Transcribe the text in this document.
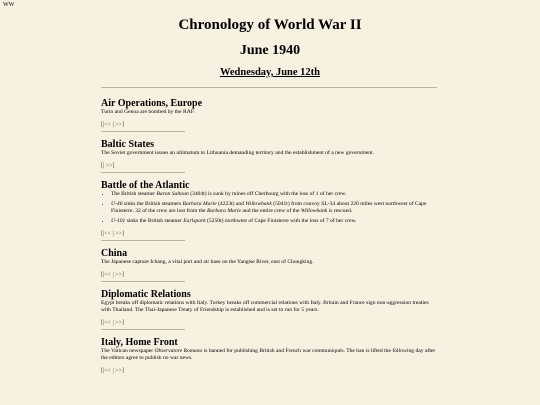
WW
Chronology of World War II
June 1940
Wednesday, June 12th
Air Operations, Europe

Turin and Genoa are bombed by the RAF.

[|<< | >>]
Baltic States

The Soviet government issues an ultimatum to Lithuania demanding territory and the establishment of a new government.

[| >>]
Battle of the Atlantic
• The British steamer Baron Saltoun (3404t) is sunk by mines off Cherbourg with the loss of 1 of her crew.
• U-46 sinks the British steamers Barbara Marie (4223t) and Willowbank (5041t) from convoy SL-34 about 220 miles west northwest of Cape Finisterre. 32 of the crew are lost from the Barbara Marie and the entire crew of the Willowbank is rescued.
• U-101 sinks the British steamer Earlspark (5250t) northwest of Cape Finisterre with the loss of 7 of her crew.
[|<< | >>]
China

The Japanese capture Ichang, a vital port and air base on the Yangtse River, east of Chungking.

[|<< | >>]
Diplomatic Relations

Egypt breaks off diplomatic relations with Italy. Turkey breaks off commercial relations with Italy. Britain and France sign non-aggression treaties with Thailand. The Thai-Japanese Treaty of Friendship is established and is set to run for 5 years.

[|<< | >>]
Italy, Home Front

The Vatican newspaper Observatore Romano is banned for publishing British and French war communiqués. The ban is lifted the following day after the editors agree to publish no war news.

[|<< | >>]
